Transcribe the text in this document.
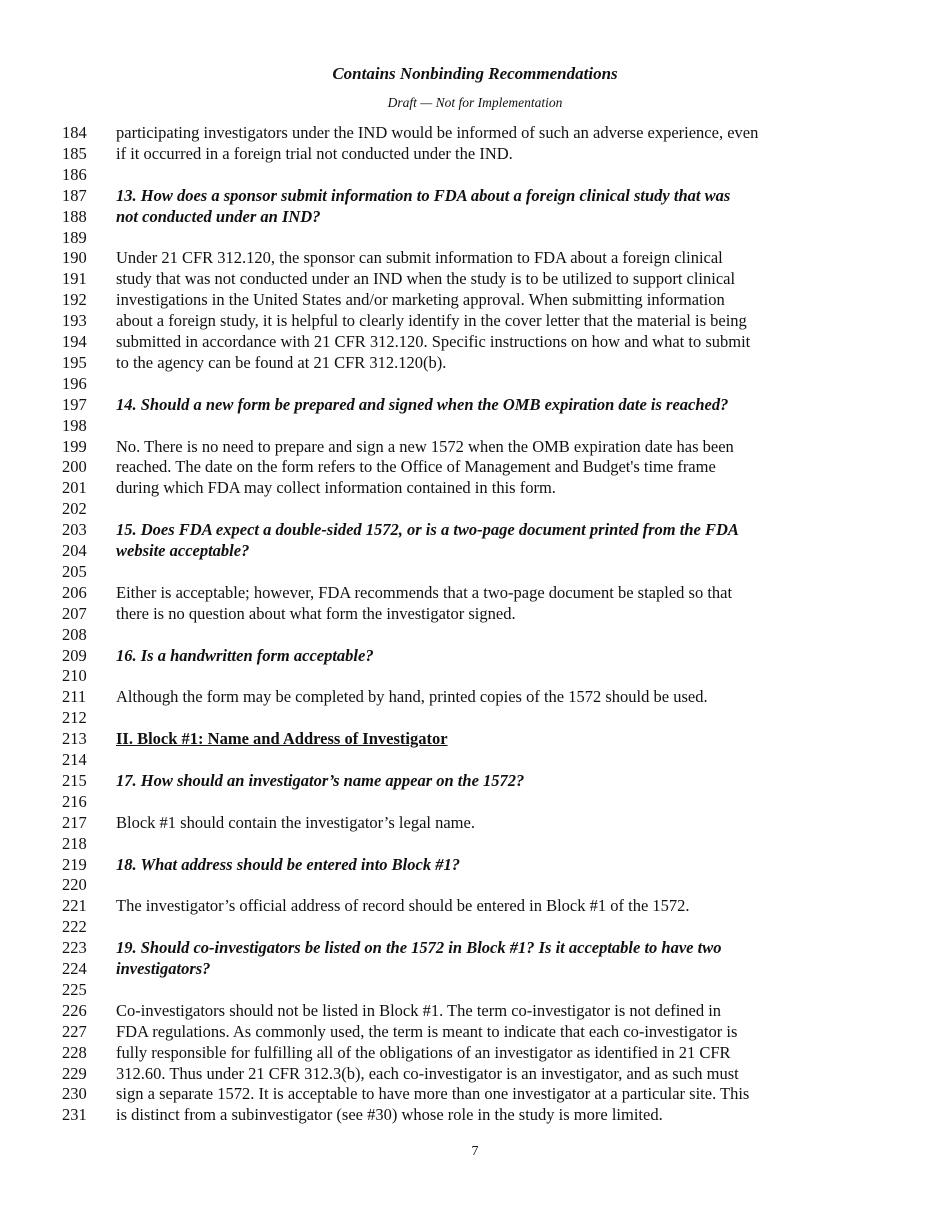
Contains Nonbinding Recommendations
Draft — Not for Implementation
184	participating investigators under the IND would be informed of such an adverse experience, even
185	if it occurred in a foreign trial not conducted under the IND.
186
187	13. How does a sponsor submit information to FDA about a foreign clinical study that was
188	not conducted under an IND?
189
190	Under 21 CFR 312.120, the sponsor can submit information to FDA about a foreign clinical
191	study that was not conducted under an IND when the study is to be utilized to support clinical
192	investigations in the United States and/or marketing approval. When submitting information
193	about a foreign study, it is helpful to clearly identify in the cover letter that the material is being
194	submitted in accordance with 21 CFR 312.120. Specific instructions on how and what to submit
195	to the agency can be found at 21 CFR 312.120(b).
196
197	14. Should a new form be prepared and signed when the OMB expiration date is reached?
198
199	No. There is no need to prepare and sign a new 1572 when the OMB expiration date has been
200	reached. The date on the form refers to the Office of Management and Budget's time frame
201	during which FDA may collect information contained in this form.
202
203	15. Does FDA expect a double-sided 1572, or is a two-page document printed from the FDA
204	website acceptable?
205
206	Either is acceptable; however, FDA recommends that a two-page document be stapled so that
207	there is no question about what form the investigator signed.
208
209	16. Is a handwritten form acceptable?
210
211	Although the form may be completed by hand, printed copies of the 1572 should be used.
212
213	II. Block #1: Name and Address of Investigator
214
215	17. How should an investigator’s name appear on the 1572?
216
217	Block #1 should contain the investigator’s legal name.
218
219	18. What address should be entered into Block #1?
220
221	The investigator’s official address of record should be entered in Block #1 of the 1572.
222
223	19. Should co-investigators be listed on the 1572 in Block #1? Is it acceptable to have two
224	investigators?
225
226	Co-investigators should not be listed in Block #1. The term co-investigator is not defined in
227	FDA regulations. As commonly used, the term is meant to indicate that each co-investigator is
228	fully responsible for fulfilling all of the obligations of an investigator as identified in 21 CFR
229	312.60. Thus under 21 CFR 312.3(b), each co-investigator is an investigator, and as such must
230	sign a separate 1572. It is acceptable to have more than one investigator at a particular site. This
231	is distinct from a subinvestigator (see #30) whose role in the study is more limited.
7
